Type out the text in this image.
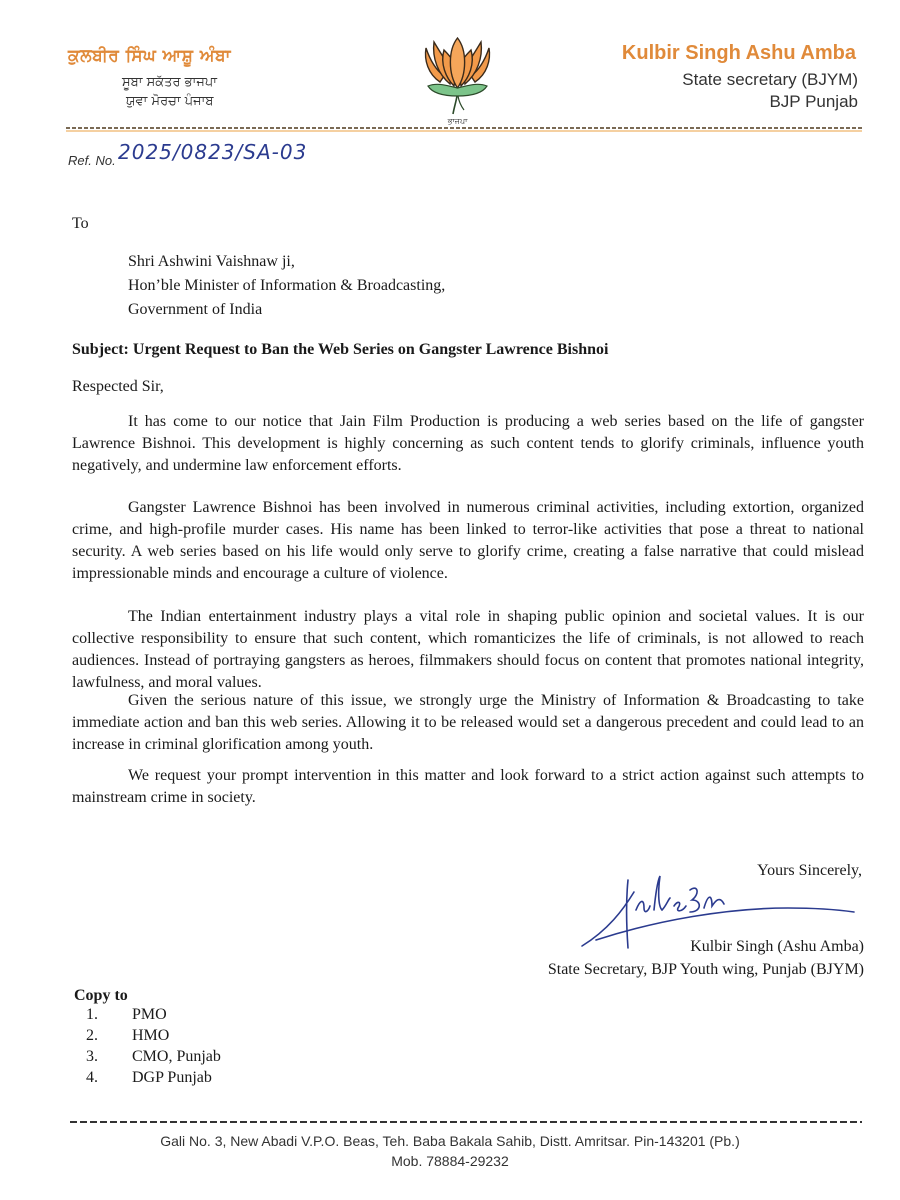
ਕੁਲਬੀਰ ਸਿੰਘ ਆਸ਼ੂ ਅੰਬਾ
ਸੂਬਾ ਸਕੱਤਰ ਭਾਜਪਾ
ਯੁਵਾ ਮੋਰਚਾ ਪੰਜਾਬ
ਭਾਜਪਾ
Kulbir Singh Ashu Amba
State secretary (BJYM)
BJP Punjab
Ref. No. 2025/0823/SA-03
To
Shri Ashwini Vaishnaw ji,
Hon’ble Minister of Information & Broadcasting,
Government of India
Subject: Urgent Request to Ban the Web Series on Gangster Lawrence Bishnoi
Respected Sir,
It has come to our notice that Jain Film Production is producing a web series based on the life of gangster Lawrence Bishnoi. This development is highly concerning as such content tends to glorify criminals, influence youth negatively, and undermine law enforcement efforts.
Gangster Lawrence Bishnoi has been involved in numerous criminal activities, including extortion, organized crime, and high-profile murder cases. His name has been linked to terror-like activities that pose a threat to national security. A web series based on his life would only serve to glorify crime, creating a false narrative that could mislead impressionable minds and encourage a culture of violence.
The Indian entertainment industry plays a vital role in shaping public opinion and societal values. It is our collective responsibility to ensure that such content, which romanticizes the life of criminals, is not allowed to reach audiences. Instead of portraying gangsters as heroes, filmmakers should focus on content that promotes national integrity, lawfulness, and moral values.
Given the serious nature of this issue, we strongly urge the Ministry of Information & Broadcasting to take immediate action and ban this web series. Allowing it to be released would set a dangerous precedent and could lead to an increase in criminal glorification among youth.
We request your prompt intervention in this matter and look forward to a strict action against such attempts to mainstream crime in society.
Yours Sincerely,
Kulbir Singh (Ashu Amba)
State Secretary, BJP Youth wing, Punjab (BJYM)
Copy to
1. PMO
2. HMO
3. CMO, Punjab
4. DGP Punjab
Gali No. 3, New Abadi V.P.O. Beas, Teh. Baba Bakala Sahib, Distt. Amritsar. Pin-143201 (Pb.)
Mob. 78884-29232
